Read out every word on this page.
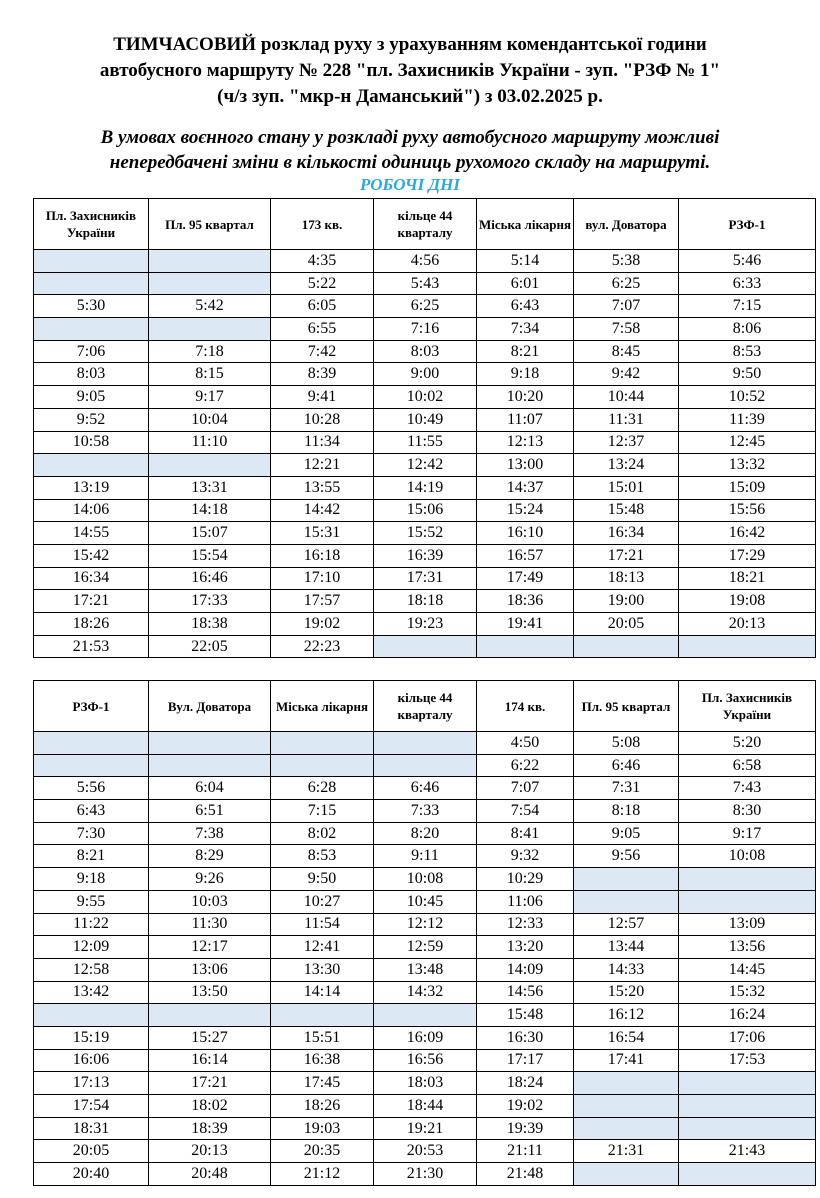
ТИМЧАСОВИЙ розклад руху з урахуванням комендантської години
автобусного маршруту № 228 "пл. Захисників України - зуп. "РЗФ № 1"
(ч/з зуп. "мкр-н Даманський") з 03.02.2025 р.
В умовах воєнного стану у розкладі руху автобусного маршруту можливі
непередбачені зміни в кількості одиниць рухомого складу на маршруті.
РОБОЧІ ДНІ
Пл. Захисників України	Пл. 95 квартал	173 кв.	кільце 44 кварталу	Міська лікарня	вул. Доватора	РЗФ-1
		4:35	4:56	5:14	5:38	5:46
		5:22	5:43	6:01	6:25	6:33
5:30	5:42	6:05	6:25	6:43	7:07	7:15
		6:55	7:16	7:34	7:58	8:06
7:06	7:18	7:42	8:03	8:21	8:45	8:53
8:03	8:15	8:39	9:00	9:18	9:42	9:50
9:05	9:17	9:41	10:02	10:20	10:44	10:52
9:52	10:04	10:28	10:49	11:07	11:31	11:39
10:58	11:10	11:34	11:55	12:13	12:37	12:45
		12:21	12:42	13:00	13:24	13:32
13:19	13:31	13:55	14:19	14:37	15:01	15:09
14:06	14:18	14:42	15:06	15:24	15:48	15:56
14:55	15:07	15:31	15:52	16:10	16:34	16:42
15:42	15:54	16:18	16:39	16:57	17:21	17:29
16:34	16:46	17:10	17:31	17:49	18:13	18:21
17:21	17:33	17:57	18:18	18:36	19:00	19:08
18:26	18:38	19:02	19:23	19:41	20:05	20:13
21:53	22:05	22:23				
РЗФ-1	Вул. Доватора	Міська лікарня	кільце 44 кварталу	174 кв.	Пл. 95 квартал	Пл. Захисників України
				4:50	5:08	5:20
				6:22	6:46	6:58
5:56	6:04	6:28	6:46	7:07	7:31	7:43
6:43	6:51	7:15	7:33	7:54	8:18	8:30
7:30	7:38	8:02	8:20	8:41	9:05	9:17
8:21	8:29	8:53	9:11	9:32	9:56	10:08
9:18	9:26	9:50	10:08	10:29		
9:55	10:03	10:27	10:45	11:06		
11:22	11:30	11:54	12:12	12:33	12:57	13:09
12:09	12:17	12:41	12:59	13:20	13:44	13:56
12:58	13:06	13:30	13:48	14:09	14:33	14:45
13:42	13:50	14:14	14:32	14:56	15:20	15:32
				15:48	16:12	16:24
15:19	15:27	15:51	16:09	16:30	16:54	17:06
16:06	16:14	16:38	16:56	17:17	17:41	17:53
17:13	17:21	17:45	18:03	18:24		
17:54	18:02	18:26	18:44	19:02		
18:31	18:39	19:03	19:21	19:39		
20:05	20:13	20:35	20:53	21:11	21:31	21:43
20:40	20:48	21:12	21:30	21:48		
